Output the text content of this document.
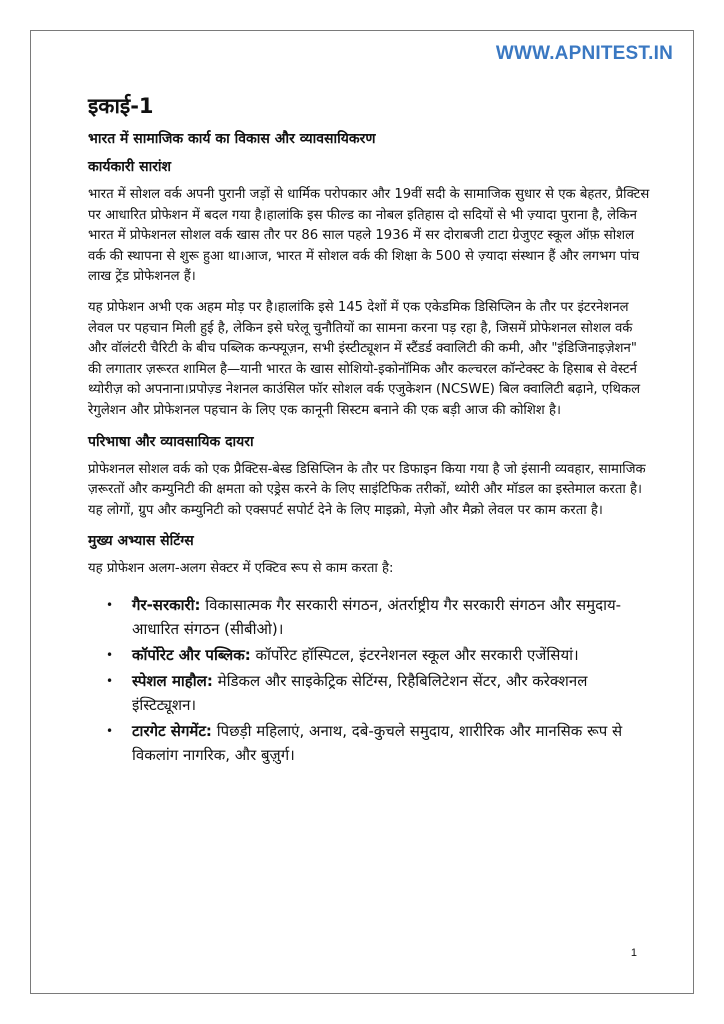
WWW.APNITEST.IN
इकाई-1
भारत में सामाजिक कार्य का विकास और व्यावसायिकरण
कार्यकारी सारांश

भारत में सोशल वर्क अपनी पुरानी जड़ों से धार्मिक परोपकार और 19वीं सदी के सामाजिक सुधार से एक बेहतर, प्रैक्टिस पर आधारित प्रोफेशन में बदल गया है।हालांकि इस फील्ड का नोबल इतिहास दो सदियों से भी ज़्यादा पुराना है, लेकिन भारत में प्रोफेशनल सोशल वर्क खास तौर पर 86 साल पहले 1936 में सर दोराबजी टाटा ग्रेजुएट स्कूल ऑफ़ सोशल वर्क की स्थापना से शुरू हुआ था।आज, भारत में सोशल वर्क की शिक्षा के 500 से ज़्यादा संस्थान हैं और लगभग पांच लाख ट्रेंड प्रोफेशनल हैं।

यह प्रोफेशन अभी एक अहम मोड़ पर है।हालांकि इसे 145 देशों में एक एकेडमिक डिसिप्लिन के तौर पर इंटरनेशनल लेवल पर पहचान मिली हुई है, लेकिन इसे घरेलू चुनौतियों का सामना करना पड़ रहा है, जिसमें प्रोफेशनल सोशल वर्क और वॉलंटरी चैरिटी के बीच पब्लिक कन्फ्यूज़न, सभी इंस्टीट्यूशन में स्टैंडर्ड क्वालिटी की कमी, और "इंडिजिनाइज़ेशन" की लगातार ज़रूरत शामिल है—यानी भारत के खास सोशियो-इकोनॉमिक और कल्चरल कॉन्टेक्स्ट के हिसाब से वेस्टर्न थ्योरीज़ को अपनाना।प्रपोज़्ड नेशनल काउंसिल फॉर सोशल वर्क एजुकेशन (NCSWE) बिल क्वालिटी बढ़ाने, एथिकल रेगुलेशन और प्रोफेशनल पहचान के लिए एक कानूनी सिस्टम बनाने की एक बड़ी आज की कोशिश है।

परिभाषा और व्यावसायिक दायरा

प्रोफेशनल सोशल वर्क को एक प्रैक्टिस-बेस्ड डिसिप्लिन के तौर पर डिफाइन किया गया है जो इंसानी व्यवहार, सामाजिक ज़रूरतों और कम्युनिटी की क्षमता को एड्रेस करने के लिए साइंटिफिक तरीकों, थ्योरी और मॉडल का इस्तेमाल करता है।यह लोगों, ग्रुप और कम्युनिटी को एक्सपर्ट सपोर्ट देने के लिए माइक्रो, मेज़ो और मैक्रो लेवल पर काम करता है।

मुख्य अभ्यास सेटिंग्स

यह प्रोफेशन अलग-अलग सेक्टर में एक्टिव रूप से काम करता है:

• गैर-सरकारी: विकासात्मक गैर सरकारी संगठन, अंतर्राष्ट्रीय गैर सरकारी संगठन और समुदाय-आधारित संगठन (सीबीओ)।
• कॉर्पोरेट और पब्लिक: कॉर्पोरेट हॉस्पिटल, इंटरनेशनल स्कूल और सरकारी एजेंसियां।
• स्पेशल माहौल: मेडिकल और साइकेट्रिक सेटिंग्स, रिहैबिलिटेशन सेंटर, और करेक्शनल इंस्टिट्यूशन।
• टारगेट सेगमेंट: पिछड़ी महिलाएं, अनाथ, दबे-कुचले समुदाय, शारीरिक और मानसिक रूप से विकलांग नागरिक, और बुज़ुर्ग।
1
